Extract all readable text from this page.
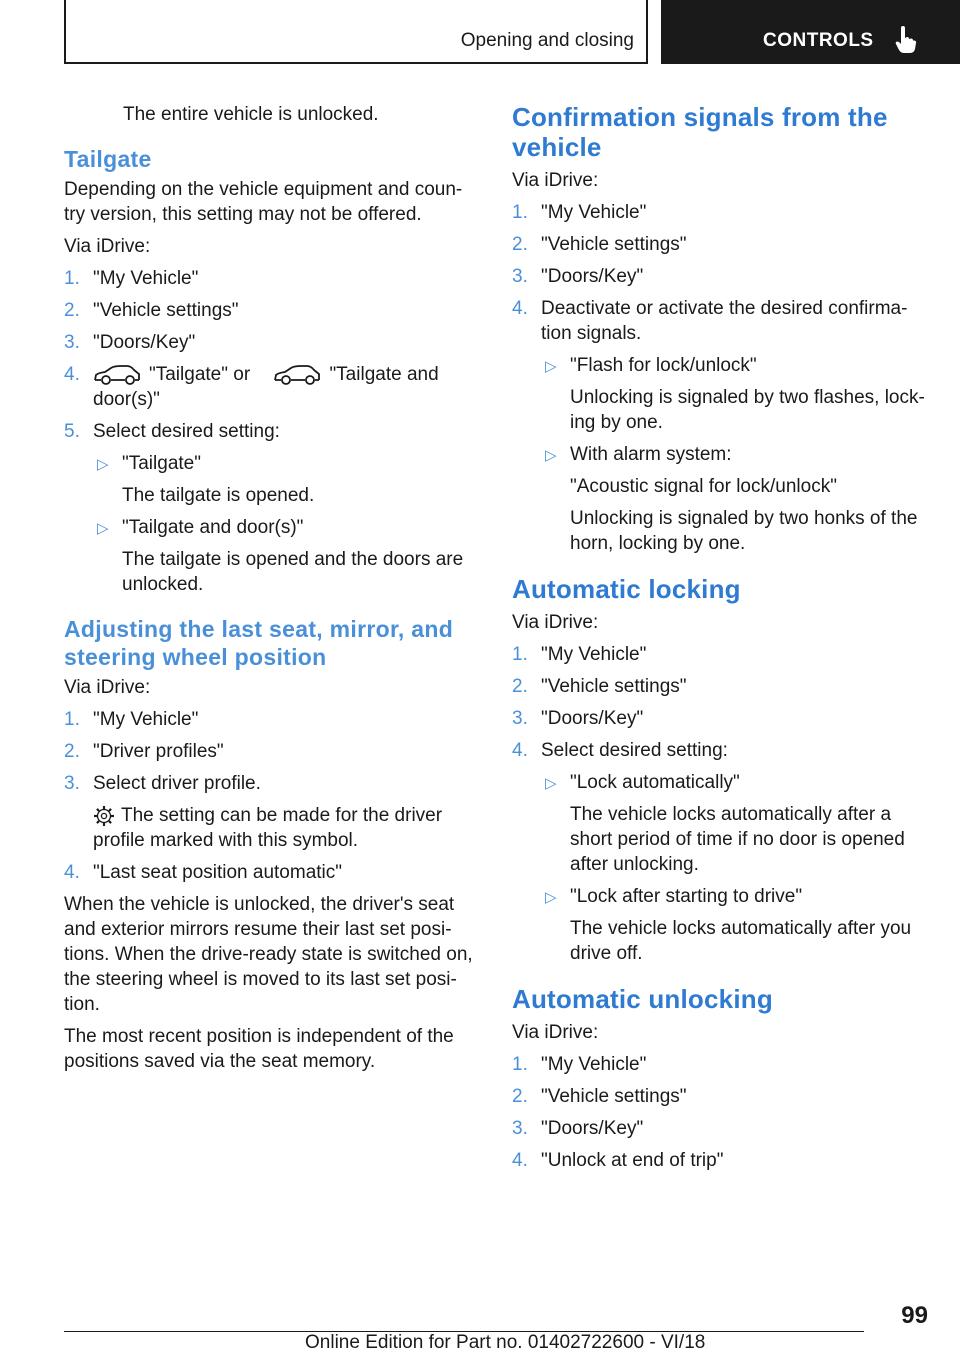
Opening and closing	CONTROLS

The entire vehicle is unlocked.

Tailgate

Depending on the vehicle equipment and country version, this setting may not be offered.

Via iDrive:

1. "My Vehicle"
2. "Vehicle settings"
3. "Doors/Key"
4.	"Tailgate" or	"Tailgate and door(s)"
5. Select desired setting:
▷ "Tailgate"
The tailgate is opened.
▷ "Tailgate and door(s)"
The tailgate is opened and the doors are unlocked.
Adjusting the last seat, mirror, and steering wheel position

Via iDrive:

1. "My Vehicle"
2. "Driver profiles"
3. Select driver profile.
The setting can be made for the driver profile marked with this symbol.
4. "Last seat position automatic"

When the vehicle is unlocked, the driver's seat and exterior mirrors resume their last set positions. When the drive-ready state is switched on, the steering wheel is moved to its last set position.

The most recent position is independent of the positions saved via the seat memory.

Confirmation signals from the vehicle

Via iDrive:

1. "My Vehicle"
2. "Vehicle settings"
3. "Doors/Key"
4. Deactivate or activate the desired confirmation signals.
▷ "Flash for lock/unlock"
Unlocking is signaled by two flashes, locking by one.
▷ With alarm system:
"Acoustic signal for lock/unlock"
Unlocking is signaled by two honks of the horn, locking by one.
Automatic locking

Via iDrive:

1. "My Vehicle"
2. "Vehicle settings"
3. "Doors/Key"
4. Select desired setting:
▷ "Lock automatically"
The vehicle locks automatically after a short period of time if no door is opened after unlocking.
▷ "Lock after starting to drive"
The vehicle locks automatically after you drive off.
Automatic unlocking

Via iDrive:

1. "My Vehicle"
2. "Vehicle settings"
3. "Doors/Key"
4. "Unlock at end of trip"
99
Online Edition for Part no. 01402722600 - VI/18
